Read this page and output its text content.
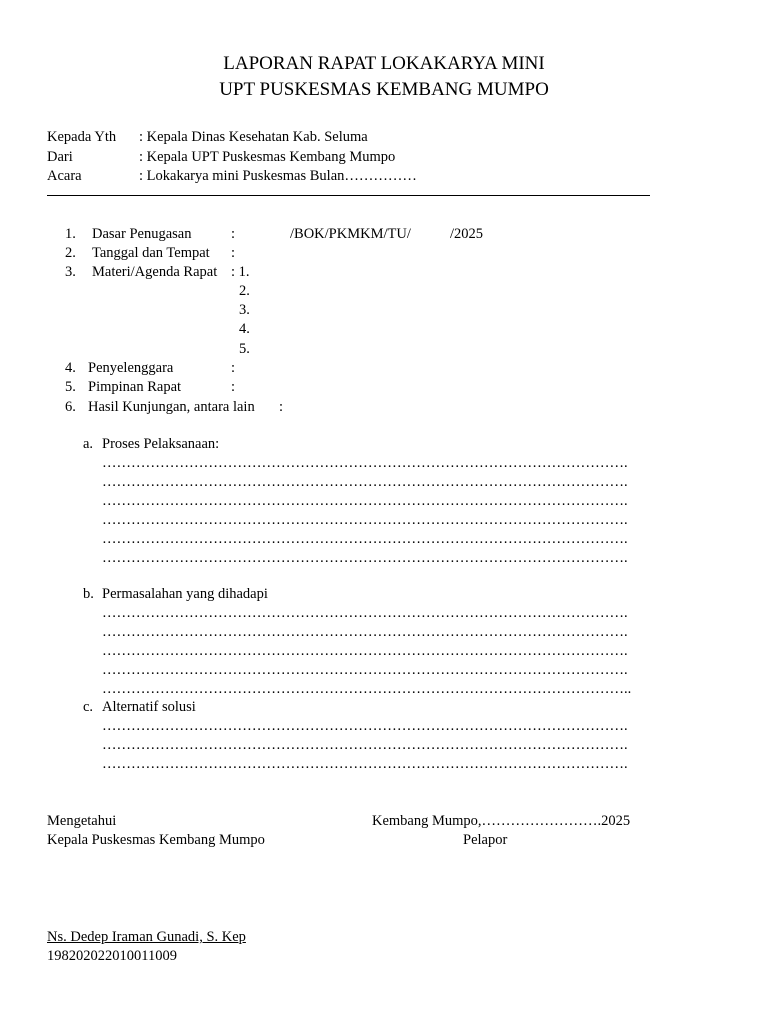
LAPORAN RAPAT LOKAKARYA MINI
UPT PUSKESMAS KEMBANG MUMPO
Kepada Yth : Kepala Dinas Kesehatan Kab. Seluma
Dari	: Kepala UPT Puskesmas Kembang Mumpo
Acara	: Lokakarya mini Puskesmas Bulan……………
1. Dasar Penugasan	:	/BOK/PKMKM/TU/	/2025
2. Tanggal dan Tempat :
3. Materi/Agenda Rapat : 1.
2.
3.
4.
5.
4. Penyelenggara	:
5. Pimpinan Rapat	:
6. Hasil Kunjungan, antara lain :
a. Proses Pelaksanaan:
……………………………………………………………………………………………….
……………………………………………………………………………………………….
……………………………………………………………………………………………….
……………………………………………………………………………………………….
……………………………………………………………………………………………….
……………………………………………………………………………………………….
b. Permasalahan yang dihadapi
……………………………………………………………………………………………….
……………………………………………………………………………………………….
……………………………………………………………………………………………….
……………………………………………………………………………………………….
………………………………………………………………………………………………..
c. Alternatif solusi
……………………………………………………………………………………………….
……………………………………………………………………………………………….
……………………………………………………………………………………………….
Mengetahui
Kepala Puskesmas Kembang Mumpo
Kembang Mumpo,…………………….2025
Pelapor
Ns. Dedep Iraman Gunadi, S. Kep
198202022010011009
